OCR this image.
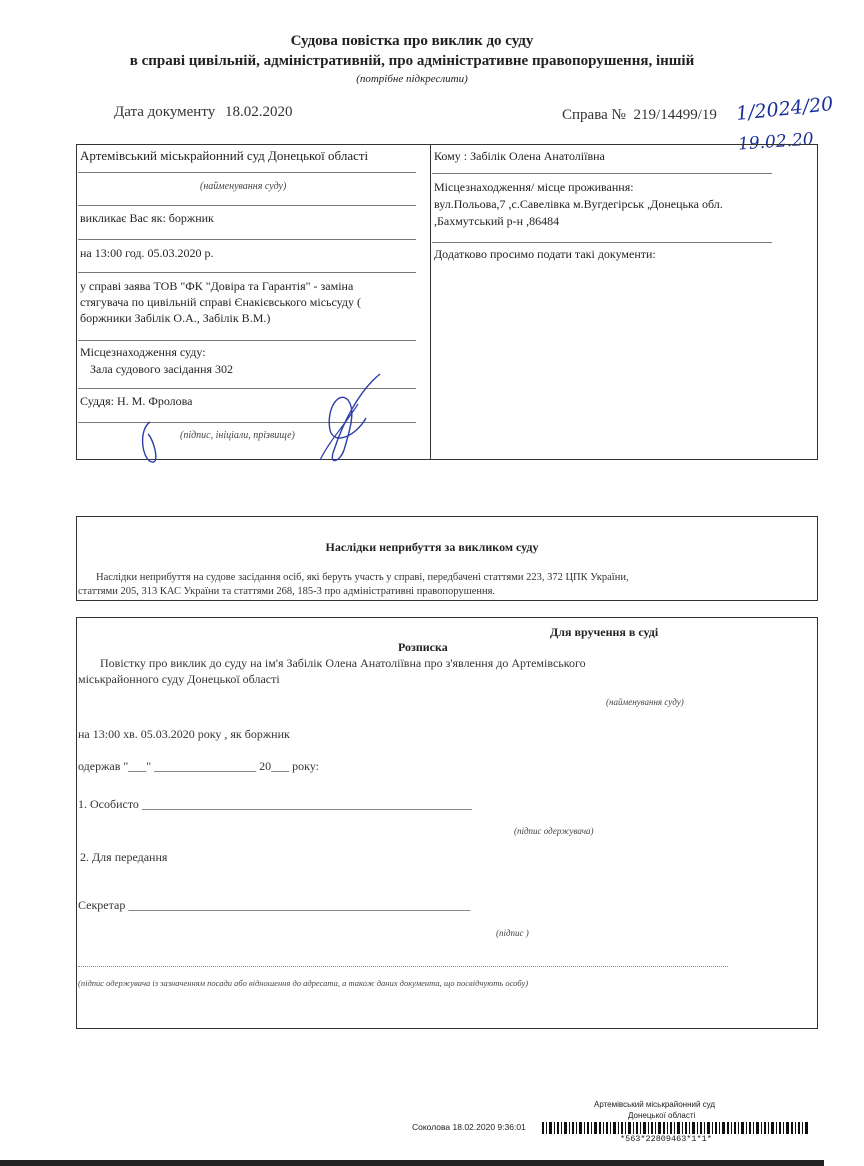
Судова повістка про виклик до суду
в справі цивільній, адміністративній, про адміністративне правопорушення, іншій
(потрібне підкреслити)
Дата документу 18.02.2020	Справа № 219/14499/19 1/2024/20
19.02.20
Артемівський міськрайонний суд Донецької області
(найменування суду)
викликає Вас як: боржник
на 13:00 год. 05.03.2020 р.
у справі заява ТОВ "ФК "Довіра та Гарантія" - заміна
стягувача по цивільній справі Єнакієвського місьсуду (
боржники Забілік О.А., Забілік В.М.)
Місцезнаходження суду:
Зала судового засідання 302
Суддя: Н. М. Фролова
(підпис, ініціали, прізвище)
Кому : Забілік Олена Анатоліївна
Місцезнаходження/ місце проживання:
вул.Польова,7 ,с.Савелівка м.Вугдегірськ ,Донецька обл.
,Бахмутський р-н ,86484
Додатково просимо подати такі документи:
Наслідки неприбуття за викликом суду
Наслідки неприбуття на судове засідання осіб, які беруть участь у справі, передбачені статтями 223, 372 ЦПК України,
статтями 205, 313 КАС України та статтями 268, 185-3 про адміністративні правопорушення.
Для вручення в суді
Розписка
Повістку про виклик до суду на ім'я Забілік Олена Анатоліївна про з'явлення до Артемівського
міськрайонного суду Донецької області
(найменування суду)
на 13:00 хв. 05.03.2020 року , як боржник
одержав "___" _________________ 20___ року:
1. Особисто _______________________________________________________
(підпис одержувача)
2. Для передання
Секретар _________________________________________________________
(підпис )
(підпис одержувача із зазначенням посади або відношення до адресата, а також даних документа, що посвідчують особу)
Артемівський міськрайонний суд
Донецької області
Соколова 18.02.2020 9:36:01
*563*22809463*1*1*
